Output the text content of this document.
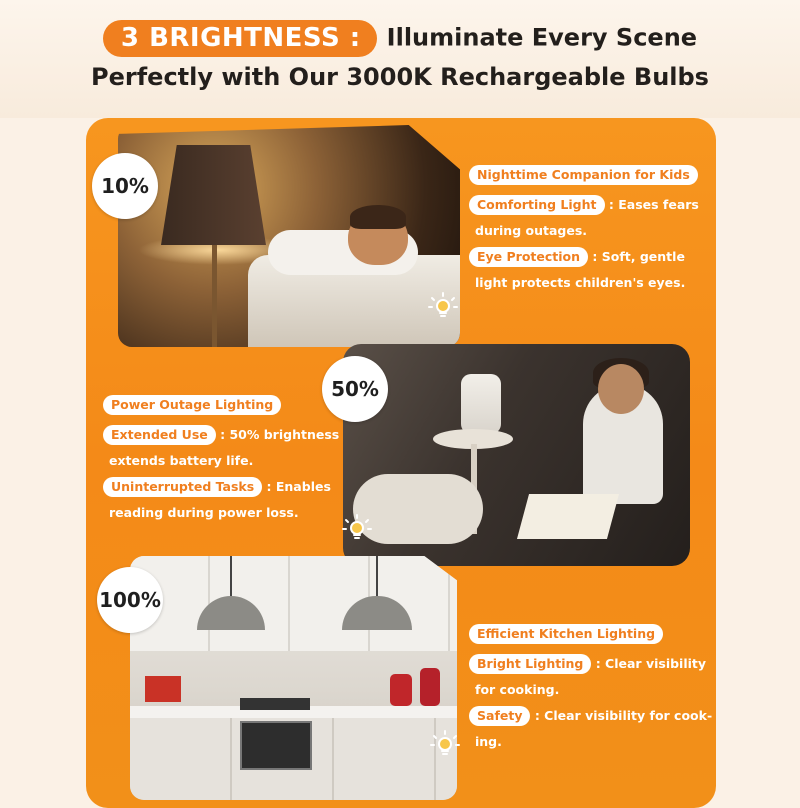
3 BRIGHTNESS : Illuminate Every Scene
Perfectly with Our 3000K Rechargeable Bulbs
10%
50%
100%
Nighttime Companion for Kids
Comforting Light : Eases fears
during outages.
Eye Protection : Soft, gentle
light protects children's eyes.
Power Outage Lighting
Extended Use : 50% brightness
extends battery life.
Uninterrupted Tasks : Enables
reading during power loss.
Efficient Kitchen Lighting
Bright Lighting : Clear visibility
for cooking.
Safety : Clear visibility for cook-
ing.
